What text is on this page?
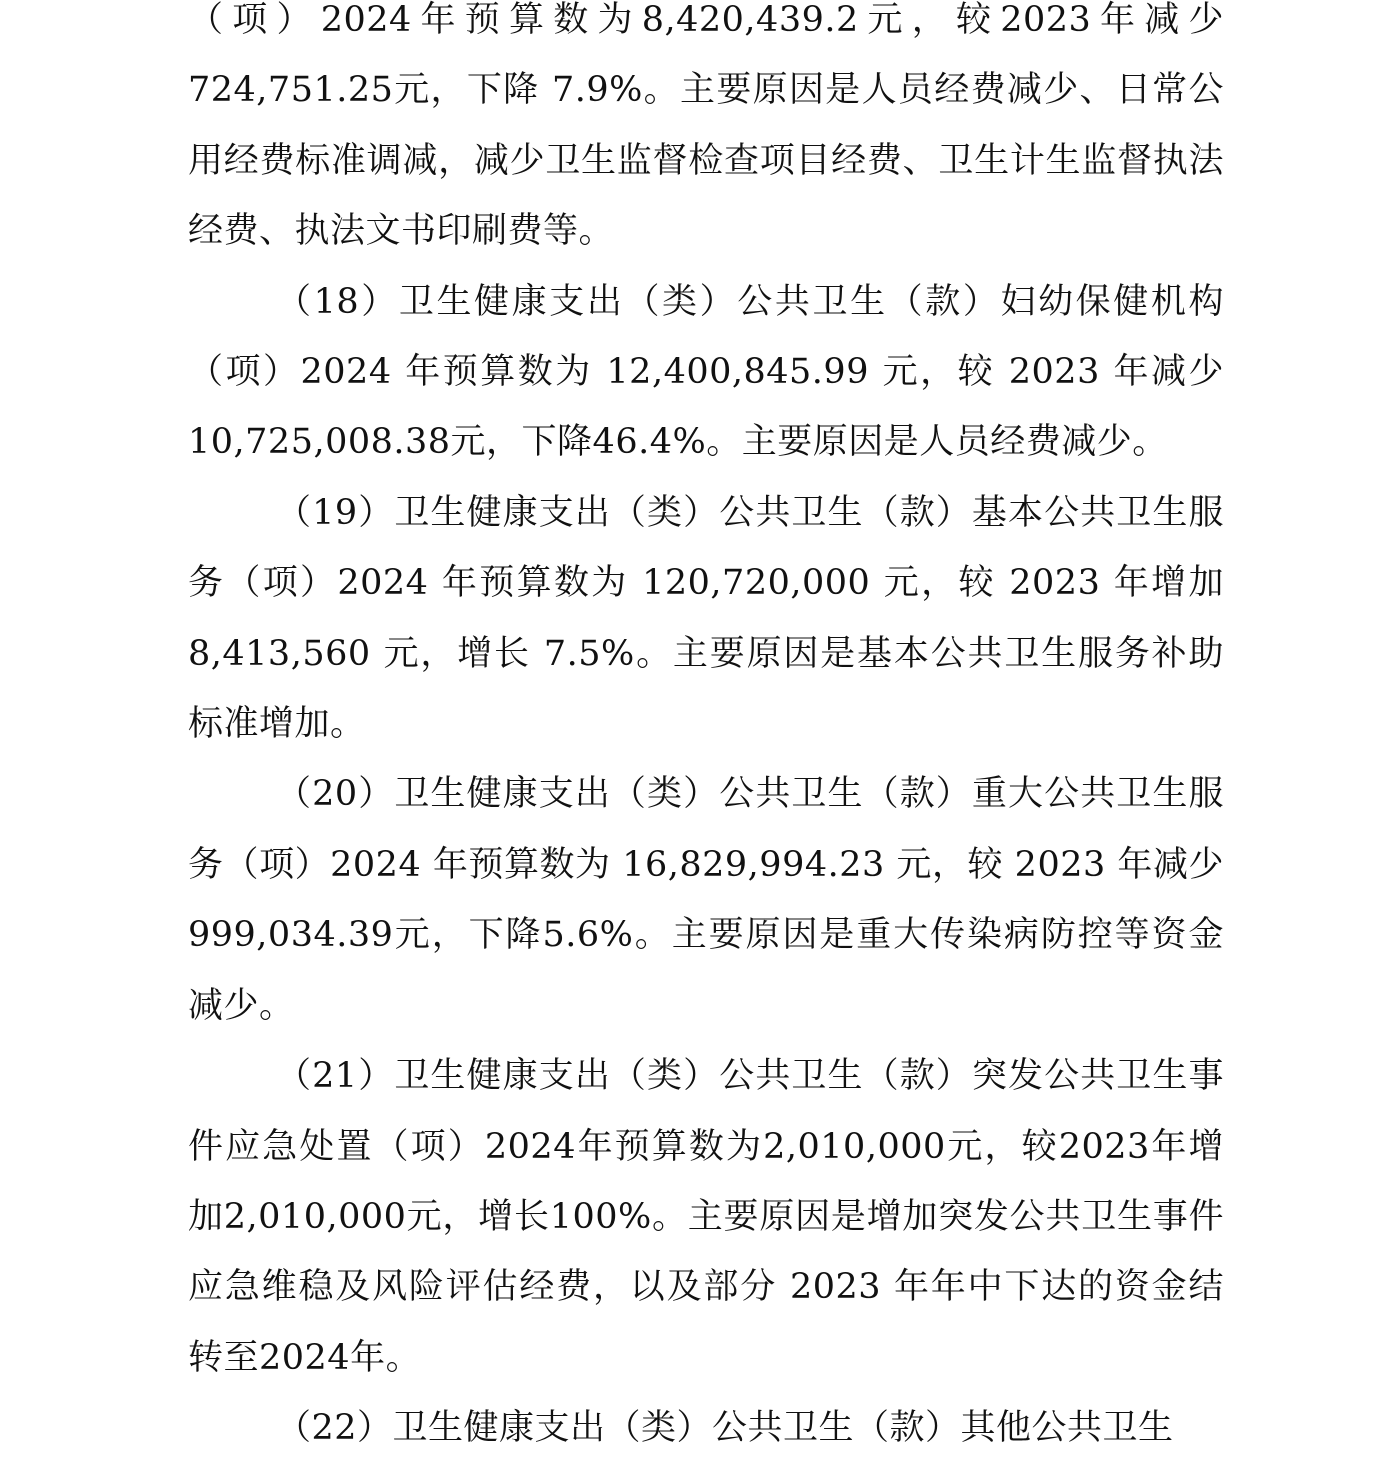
（项）2024年预算数为8,420,439.2元，较2023年减少724,751.25元，下降 7.9%。主要原因是人员经费减少、日常公用经费标准调减，减少卫生监督检查项目经费、卫生计生监督执法经费、执法文书印刷费等。

（18）卫生健康支出（类）公共卫生（款）妇幼保健机构（项）2024 年预算数为 12,400,845.99 元，较 2023 年减少10,725,008.38元，下降46.4%。主要原因是人员经费减少。

（19）卫生健康支出（类）公共卫生（款）基本公共卫生服务（项）2024 年预算数为 120,720,000 元，较 2023 年增加8,413,560 元，增长 7.5%。主要原因是基本公共卫生服务补助标准增加。

（20）卫生健康支出（类）公共卫生（款）重大公共卫生服务（项）2024 年预算数为 16,829,994.23 元，较 2023 年减少999,034.39元，下降5.6%。主要原因是重大传染病防控等资金减少。

（21）卫生健康支出（类）公共卫生（款）突发公共卫生事件应急处置（项）2024年预算数为2,010,000元，较2023年增加2,010,000元，增长100%。主要原因是增加突发公共卫生事件应急维稳及风险评估经费，以及部分 2023 年年中下达的资金结转至2024年。

（22）卫生健康支出（类）公共卫生（款）其他公共卫生
